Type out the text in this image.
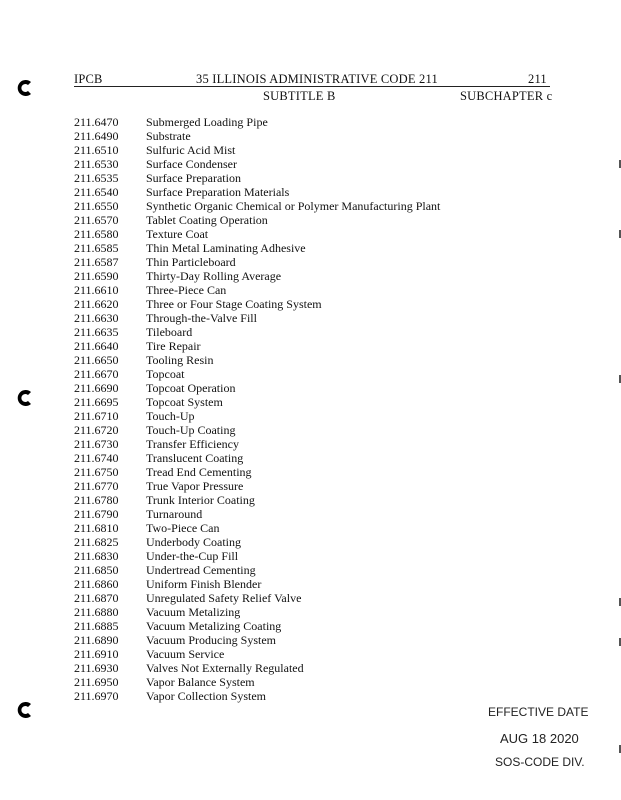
IPCB	35 ILLINOIS ADMINISTRATIVE CODE 211	211
SUBTITLE B	SUBCHAPTER c
211.6470	Submerged Loading Pipe
211.6490	Substrate
211.6510	Sulfuric Acid Mist
211.6530	Surface Condenser
211.6535	Surface Preparation
211.6540	Surface Preparation Materials
211.6550	Synthetic Organic Chemical or Polymer Manufacturing Plant
211.6570	Tablet Coating Operation
211.6580	Texture Coat
211.6585	Thin Metal Laminating Adhesive
211.6587	Thin Particleboard
211.6590	Thirty-Day Rolling Average
211.6610	Three-Piece Can
211.6620	Three or Four Stage Coating System
211.6630	Through-the-Valve Fill
211.6635	Tileboard
211.6640	Tire Repair
211.6650	Tooling Resin
211.6670	Topcoat
211.6690	Topcoat Operation
211.6695	Topcoat System
211.6710	Touch-Up
211.6720	Touch-Up Coating
211.6730	Transfer Efficiency
211.6740	Translucent Coating
211.6750	Tread End Cementing
211.6770	True Vapor Pressure
211.6780	Trunk Interior Coating
211.6790	Turnaround
211.6810	Two-Piece Can
211.6825	Underbody Coating
211.6830	Under-the-Cup Fill
211.6850	Undertread Cementing
211.6860	Uniform Finish Blender
211.6870	Unregulated Safety Relief Valve
211.6880	Vacuum Metalizing
211.6885	Vacuum Metalizing Coating
211.6890	Vacuum Producing System
211.6910	Vacuum Service
211.6930	Valves Not Externally Regulated
211.6950	Vapor Balance System
211.6970	Vapor Collection System
EFFECTIVE DATE
AUG 18 2020
SOS-CODE DIV.
